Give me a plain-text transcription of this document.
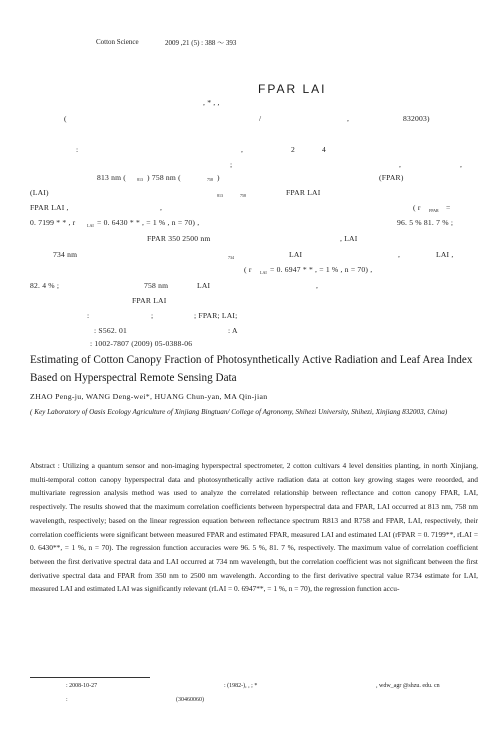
Cotton Science	2009 ,21 (5) : 388 ～ 393
FPAR LAI
, * , ,
(	/	,	832003)
:	,	2	4
;	,	,
813 nm (	813 ) 758 nm (	758 )	(FPAR)
(LAI)	813	758	FPAR LAI
FPAR LAI ,	,	( r FPAR =
0. 7199 * * , r	LAI = 0. 6430 * * , = 1 % , n = 70) ,	96. 5 % 81. 7 % ;
FPAR 350 2500 nm	, LAI
734 nm	734	LAI	,	LAI ,
( r LAI = 0. 6947 * * , = 1 % , n = 70) ,
82. 4 % ;	758 nm	LAI	,
FPAR LAI
:	;	; FPAR; LAI;
: S562. 01	: A
: 1002-7807 (2009) 05-0388-06
Estimating of Cotton Canopy Fraction of Photosynthetically Active Radiation and Leaf Area Index Based on Hyperspectral Remote Sensing Data
ZHAO Peng-ju, WANG Deng-wei*, HUANG Chun-yan, MA Qin-jian
( Key Laboratory of Oasis Ecology Agriculture of Xinjiang Bingtuan/ College of Agronomy, Shihezi University, Shihezi, Xinjiang 832003, China)
Abstract : Utilizing a quantum sensor and non-imaging hyperspectral spectrometer, 2 cotton cultivars 4 level densities planting, in north Xinjiang, multi-temporal cotton canopy hyperspectral data and photosynthetically active radiation data at cotton key growing stages were reoorded, and multivariate regression analysis method was used to analyze the correlated relationship between reflectance and cotton canopy FPAR, LAI, respectively. The results showed that the maximum correlation coefficients between hyperspectral data and FPAR, LAI occurred at 813 nm, 758 nm wavelength, respectively; based on the linear regression equation between reflectance spectrum R813 and R758 and FPAR, LAI, respectively, their correlation coefficients were significant between measured FPAR and estimated FPAR, measured LAI and estimated LAI (rFPAR = 0. 7199**, rLAI = 0. 6430**, = 1 %, n = 70). The regression function accuracies were 96. 5 %, 81. 7 %, respectively. The maximum value of correlation coefficient between the first derivative spectral data and LAI occurred at 734 nm wavelength, but the correlation coefficient was not significant between the first derivative spectral data and FPAR from 350 nm to 2500 nm wavelength. According to the first derivative spectral value R734 estimate for LAI, measured LAI and estimated LAI was significantly relevant (rLAI = 0. 6947**, = 1 %, n = 70), the regression function accu-
: 2008-10-27	: (1982-), , ; *	, wdw_agr @shzu. edu. cn
:	(30460060)
